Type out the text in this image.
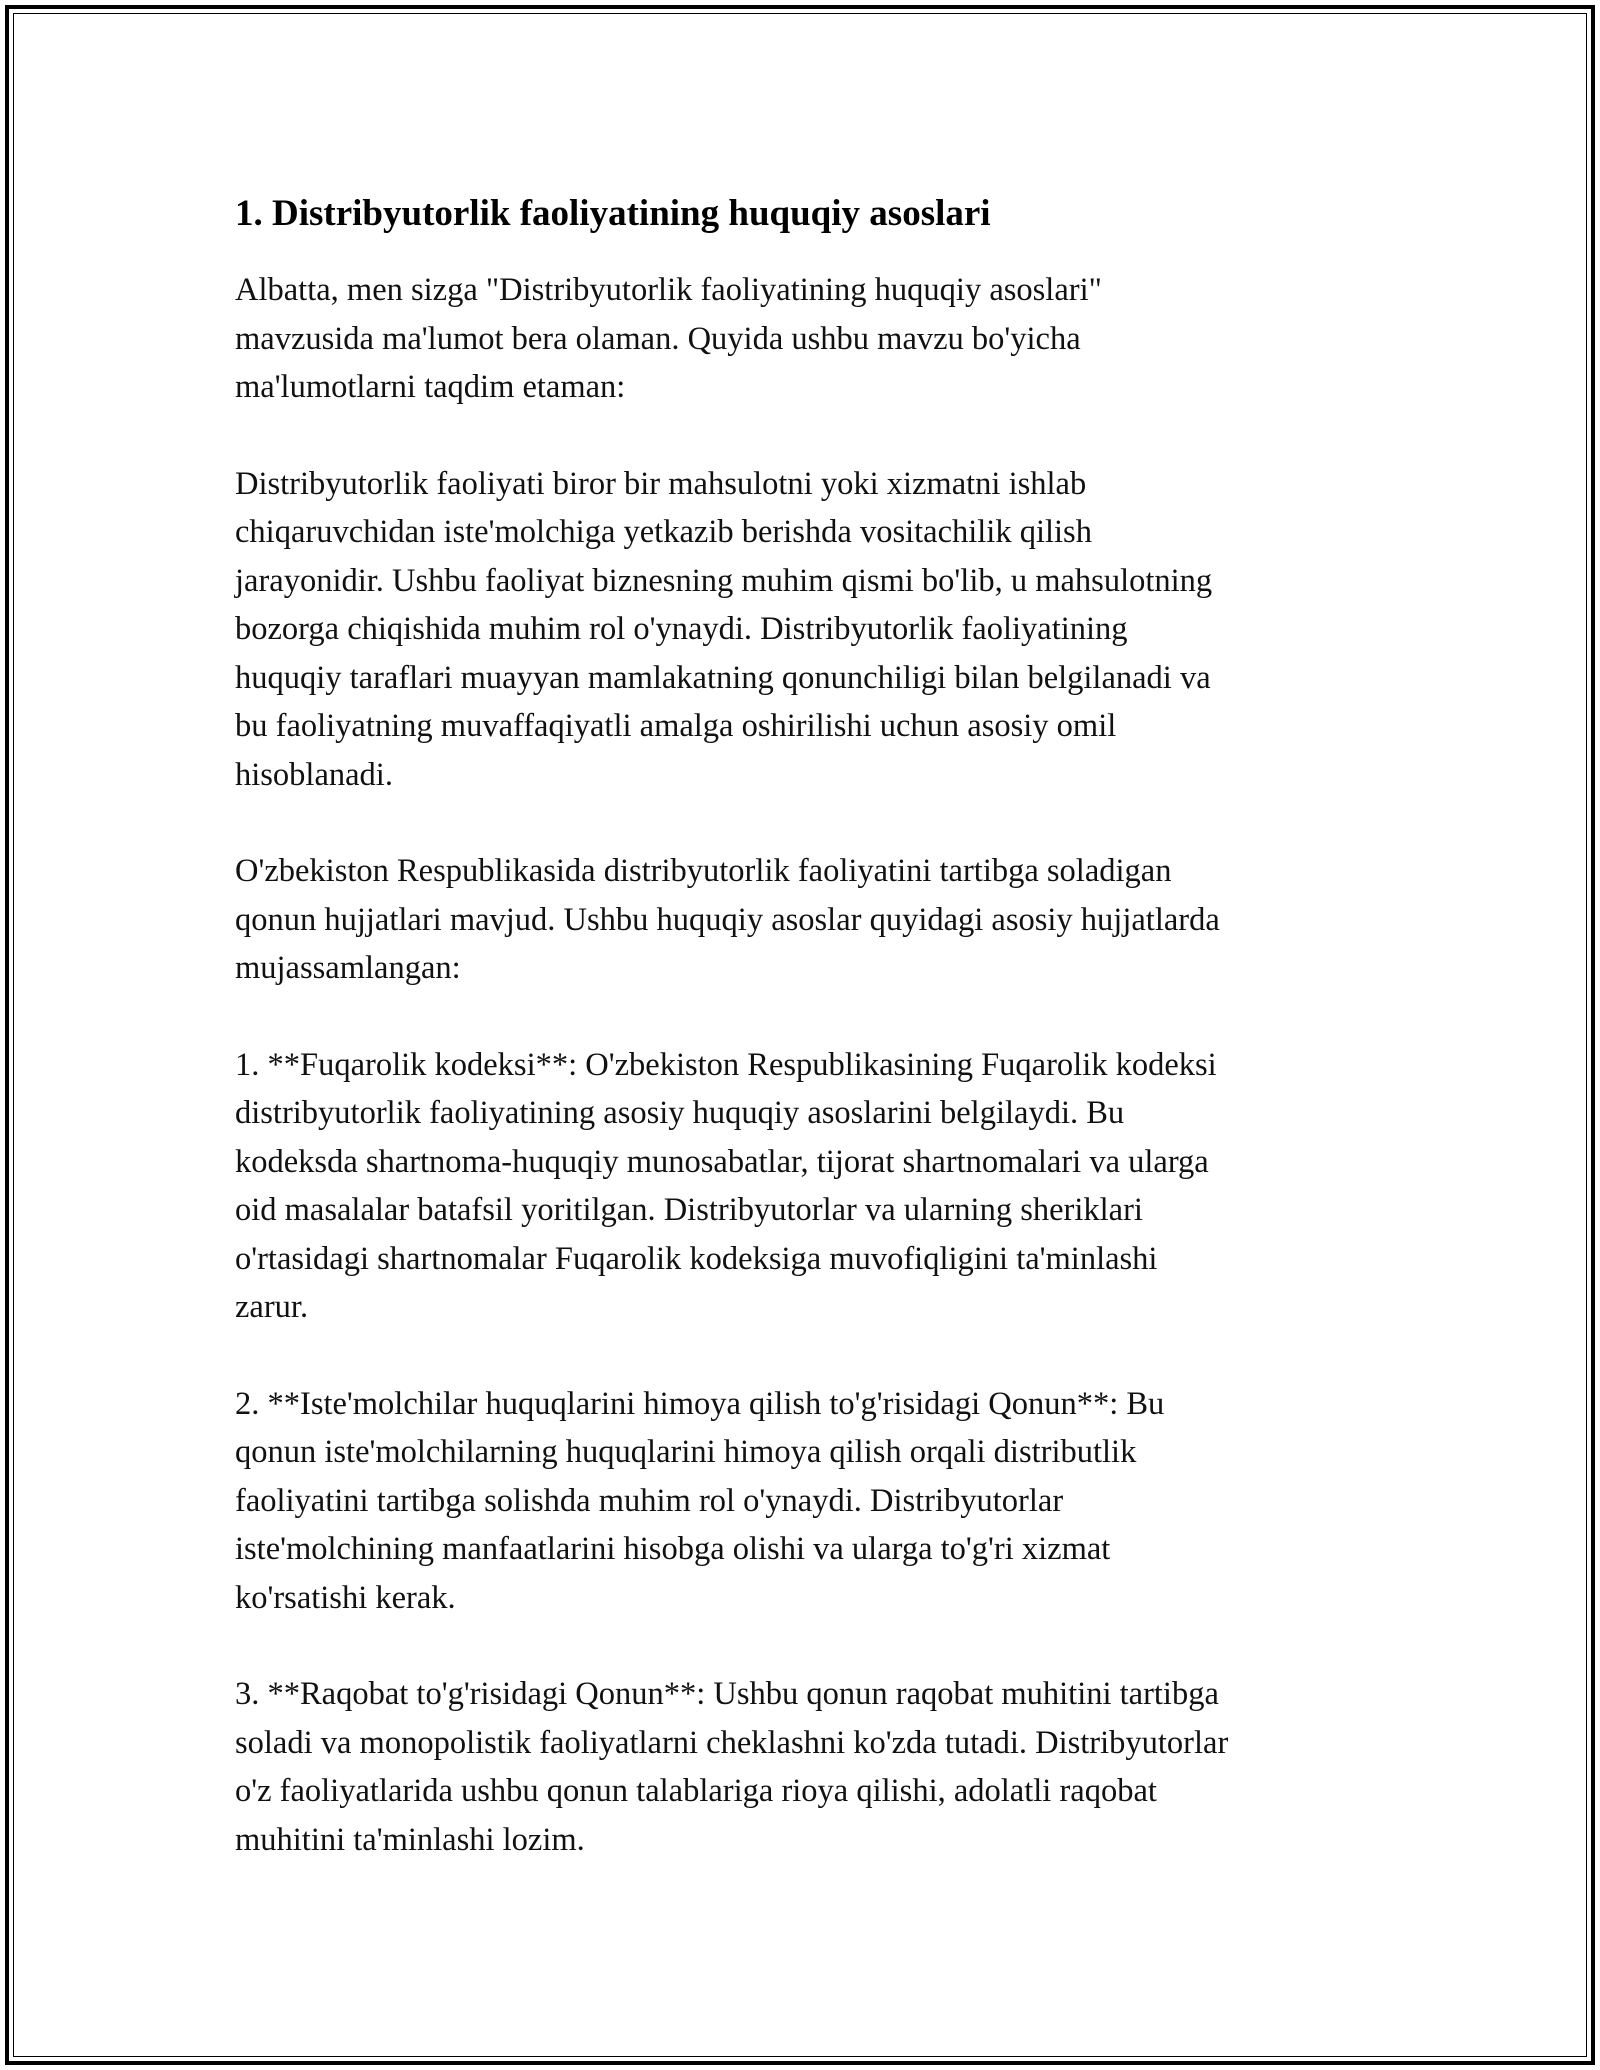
1. Distribyutorlik faoliyatining huquqiy asoslari

Albatta, men sizga "Distribyutorlik faoliyatining huquqiy asoslari"
mavzusida ma'lumot bera olaman. Quyida ushbu mavzu bo'yicha
ma'lumotlarni taqdim etaman:

Distribyutorlik faoliyati biror bir mahsulotni yoki xizmatni ishlab
chiqaruvchidan iste'molchiga yetkazib berishda vositachilik qilish
jarayonidir. Ushbu faoliyat biznesning muhim qismi bo'lib, u mahsulotning
bozorga chiqishida muhim rol o'ynaydi. Distribyutorlik faoliyatining
huquqiy taraflari muayyan mamlakatning qonunchiligi bilan belgilanadi va
bu faoliyatning muvaffaqiyatli amalga oshirilishi uchun asosiy omil
hisoblanadi.

O'zbekiston Respublikasida distribyutorlik faoliyatini tartibga soladigan
qonun hujjatlari mavjud. Ushbu huquqiy asoslar quyidagi asosiy hujjatlarda
mujassamlangan:

1. **Fuqarolik kodeksi**: O'zbekiston Respublikasining Fuqarolik kodeksi
distribyutorlik faoliyatining asosiy huquqiy asoslarini belgilaydi. Bu
kodeksda shartnoma-huquqiy munosabatlar, tijorat shartnomalari va ularga
oid masalalar batafsil yoritilgan. Distribyutorlar va ularning sheriklari
o'rtasidagi shartnomalar Fuqarolik kodeksiga muvofiqligini ta'minlashi
zarur.

2. **Iste'molchilar huquqlarini himoya qilish to'g'risidagi Qonun**: Bu
qonun iste'molchilarning huquqlarini himoya qilish orqali distributlik
faoliyatini tartibga solishda muhim rol o'ynaydi. Distribyutorlar
iste'molchining manfaatlarini hisobga olishi va ularga to'g'ri xizmat
ko'rsatishi kerak.

3. **Raqobat to'g'risidagi Qonun**: Ushbu qonun raqobat muhitini tartibga
soladi va monopolistik faoliyatlarni cheklashni ko'zda tutadi. Distribyutorlar
o'z faoliyatlarida ushbu qonun talablariga rioya qilishi, adolatli raqobat
muhitini ta'minlashi lozim.
